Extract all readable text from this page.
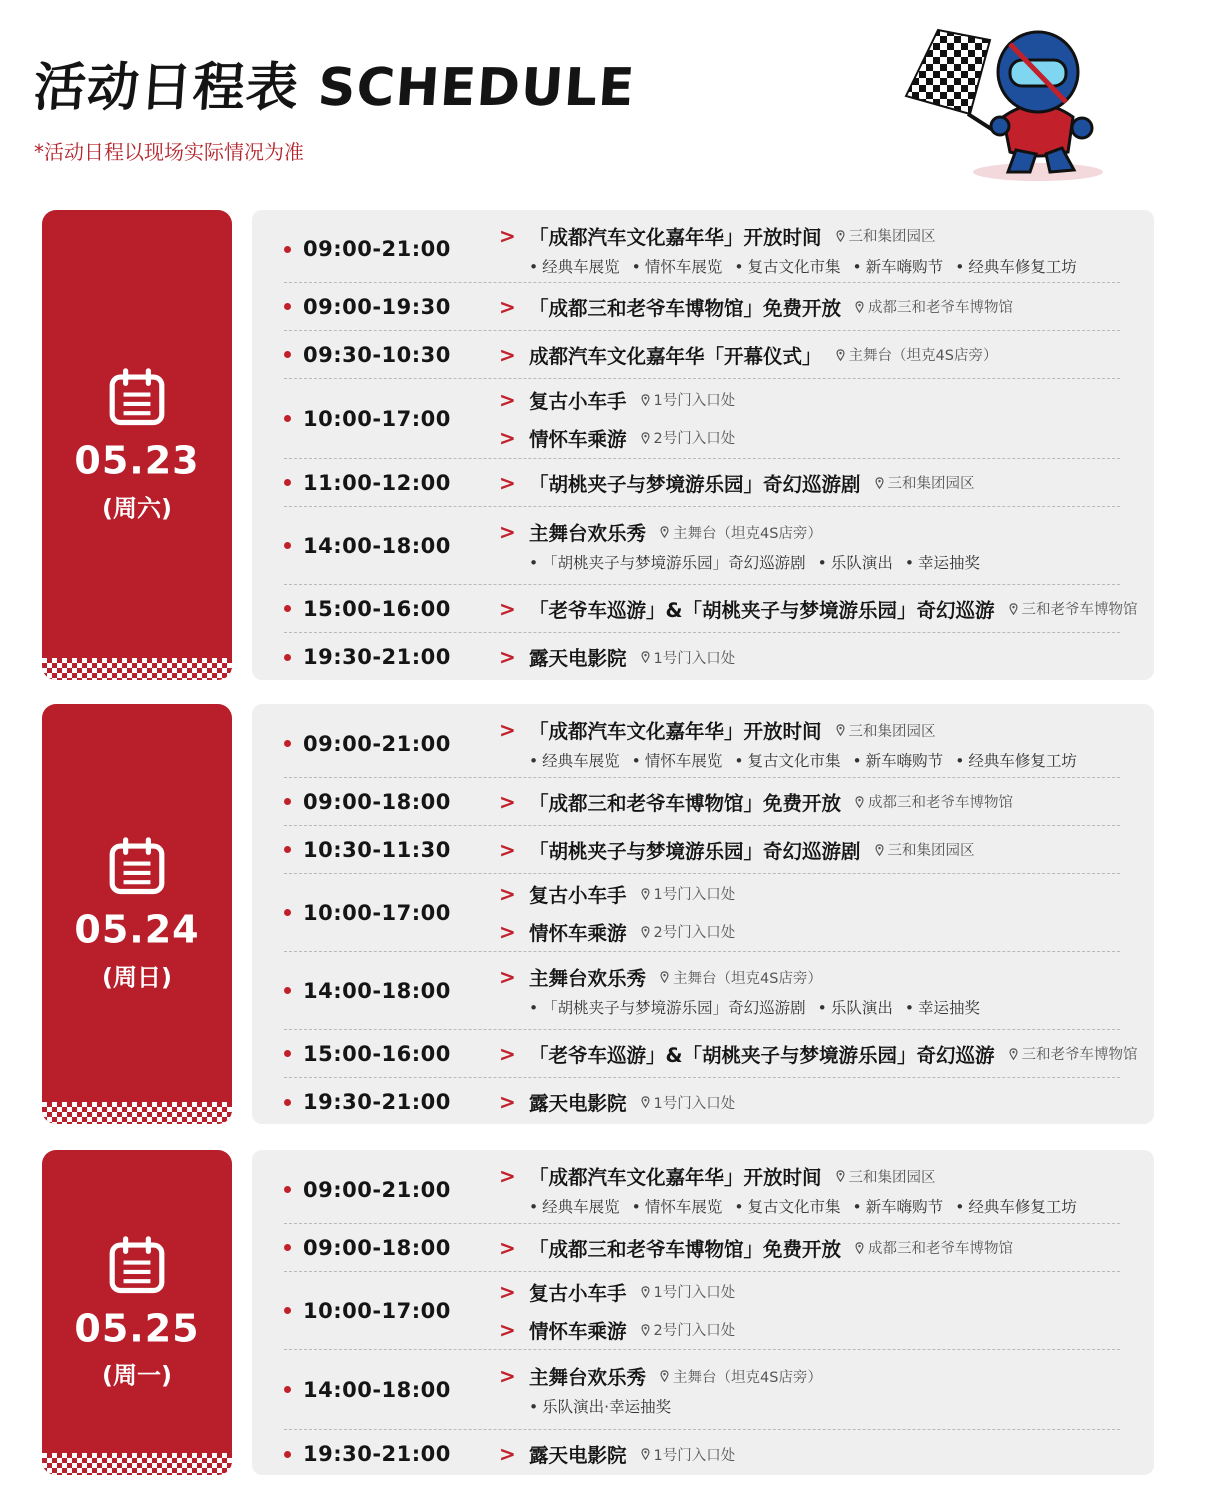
活动日程表 SCHEDULE
*活动日程以现场实际情况为准
05.23
(周六)
09:00-21:00
> 「成都汽车文化嘉年华」开放时间 三和集团园区
• 经典车展览 • 情怀车展览 • 复古文化市集 • 新车嗨购节 • 经典车修复工坊
09:00-19:30	> 「成都三和老爷车博物馆」免费开放 成都三和老爷车博物馆
09:30-10:30	> 成都汽车文化嘉年华「开幕仪式」 主舞台（坦克4S店旁）
10:00-17:00
> 复古小车手 1号门入口处
> 情怀车乘游 2号门入口处
11:00-12:00	> 「胡桃夹子与梦境游乐园」奇幻巡游剧 三和集团园区
14:00-18:00
> 主舞台欢乐秀 主舞台（坦克4S店旁）
• 「胡桃夹子与梦境游乐园」奇幻巡游剧 • 乐队演出 • 幸运抽奖
15:00-16:00	> 「老爷车巡游」&「胡桃夹子与梦境游乐园」奇幻巡游 三和老爷车博物馆
19:30-21:00	> 露天电影院 1号门入口处
05.24
(周日)
09:00-21:00
> 「成都汽车文化嘉年华」开放时间 三和集团园区
• 经典车展览 • 情怀车展览 • 复古文化市集 • 新车嗨购节 • 经典车修复工坊
09:00-18:00	> 「成都三和老爷车博物馆」免费开放 成都三和老爷车博物馆
10:30-11:30	> 「胡桃夹子与梦境游乐园」奇幻巡游剧 三和集团园区
10:00-17:00
> 复古小车手 1号门入口处
> 情怀车乘游 2号门入口处
14:00-18:00
> 主舞台欢乐秀 主舞台（坦克4S店旁）
• 「胡桃夹子与梦境游乐园」奇幻巡游剧 • 乐队演出 • 幸运抽奖
15:00-16:00	> 「老爷车巡游」&「胡桃夹子与梦境游乐园」奇幻巡游 三和老爷车博物馆
19:30-21:00	> 露天电影院 1号门入口处
05.25
(周一)
09:00-21:00
> 「成都汽车文化嘉年华」开放时间 三和集团园区
• 经典车展览 • 情怀车展览 • 复古文化市集 • 新车嗨购节 • 经典车修复工坊
09:00-18:00	> 「成都三和老爷车博物馆」免费开放 成都三和老爷车博物馆
10:00-17:00
> 复古小车手 1号门入口处
> 情怀车乘游 2号门入口处
14:00-18:00
> 主舞台欢乐秀 主舞台（坦克4S店旁）
• 乐队演出·幸运抽奖
19:30-21:00	> 露天电影院 1号门入口处
